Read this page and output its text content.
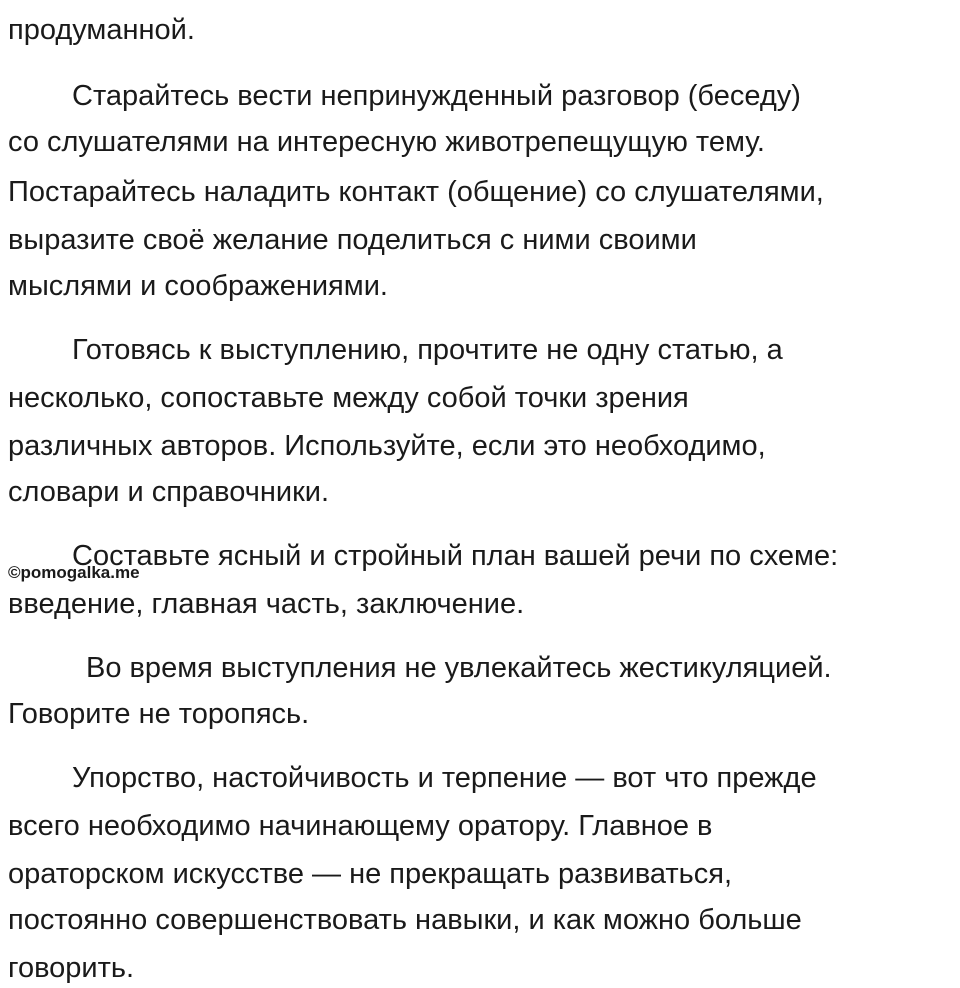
продуманной.
Старайтесь вести непринужденный разговор (беседу)
со слушателями на интересную животрепещущую тему.
Постарайтесь наладить контакт (общение) со слушателями,
выразите своё желание поделиться с ними своими
мыслями и соображениями.
Готовясь к выступлению, прочтите не одну статью, а
несколько, сопоставьте между собой точки зрения
различных авторов. Используйте, если это необходимо,
словари и справочники.
Составьте ясный и стройный план вашей речи по схеме:
©pomogalka.me
введение, главная часть, заключение.
Во время выступления не увлекайтесь жестикуляцией.
Говорите не торопясь.
Упорство, настойчивость и терпение — вот что прежде
всего необходимо начинающему оратору. Главное в
ораторском искусстве — не прекращать развиваться,
постоянно совершенствовать навыки, и как можно больше
говорить.
